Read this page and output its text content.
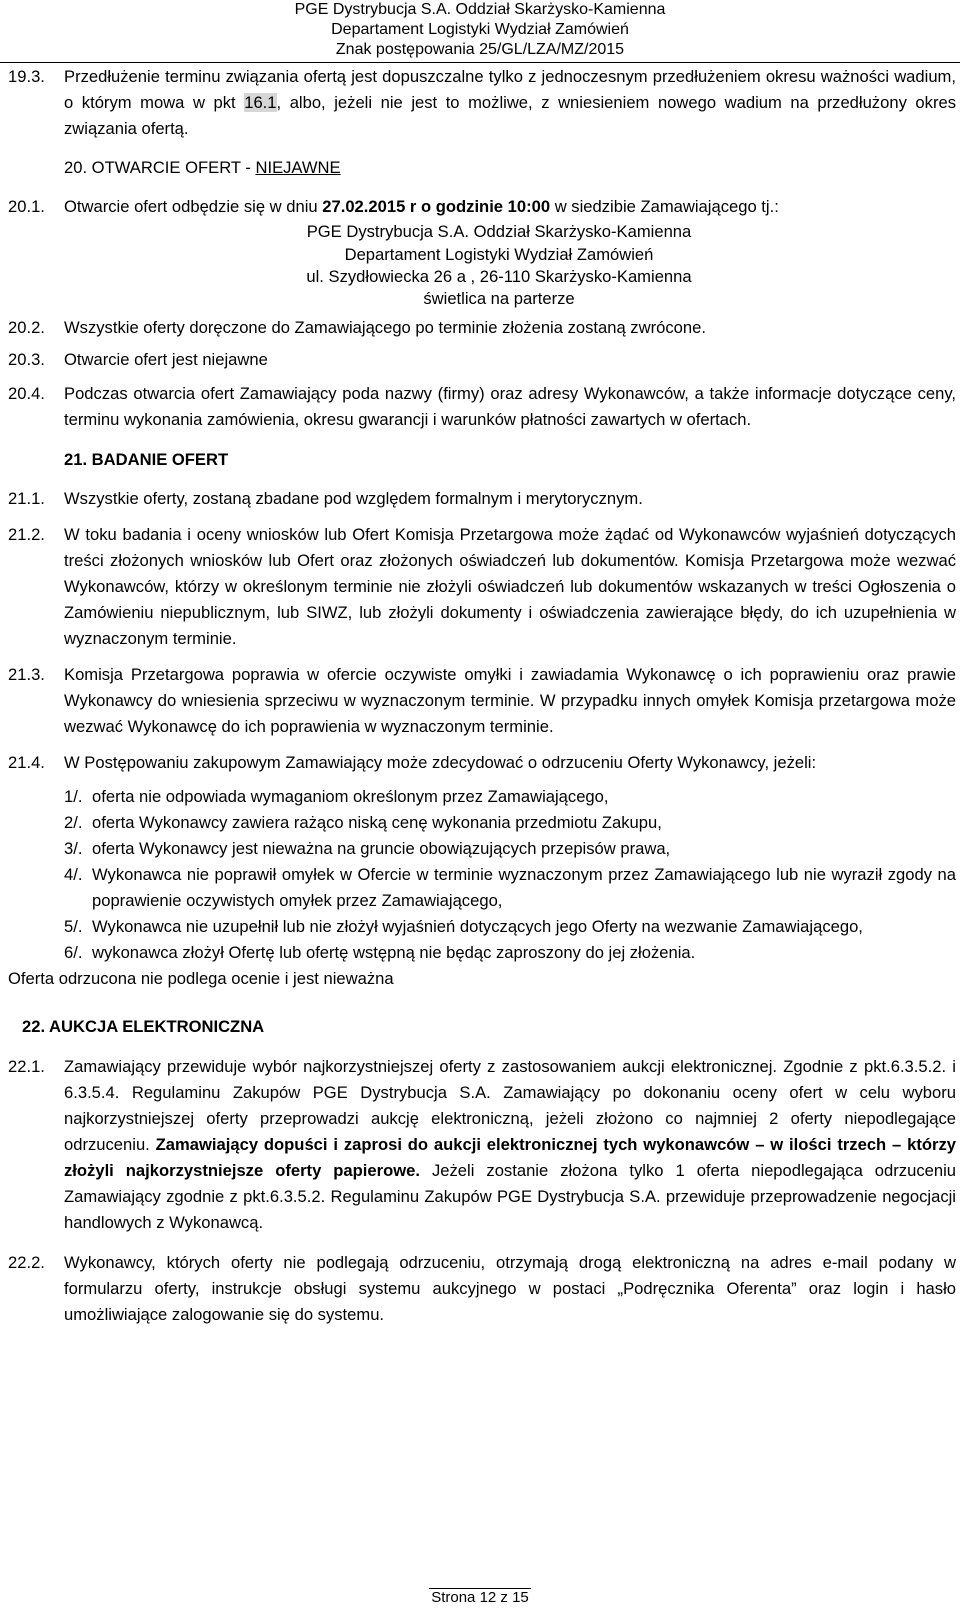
PGE Dystrybucja S.A. Oddział Skarżysko-Kamienna
Departament Logistyki Wydział Zamówień
Znak postępowania 25/GL/LZA/MZ/2015
19.3.	Przedłużenie terminu związania ofertą jest dopuszczalne tylko z jednoczesnym przedłużeniem okresu ważności wadium, o którym mowa w pkt 16.1, albo, jeżeli nie jest to możliwe, z wniesieniem nowego wadium na przedłużony okres związania ofertą.
20. OTWARCIE OFERT - NIEJAWNE
20.1.	Otwarcie ofert odbędzie się w dniu 27.02.2015 r o godzinie 10:00 w siedzibie Zamawiającego tj.:
PGE Dystrybucja S.A. Oddział Skarżysko-Kamienna
Departament Logistyki Wydział Zamówień
ul. Szydłowiecka 26 a , 26-110 Skarżysko-Kamienna
świetlica na parterze
20.2.	Wszystkie oferty doręczone do Zamawiającego po terminie złożenia zostaną zwrócone.
20.3.	Otwarcie ofert jest niejawne
20.4.	Podczas otwarcia ofert Zamawiający poda nazwy (firmy) oraz adresy Wykonawców, a także informacje dotyczące ceny, terminu wykonania zamówienia, okresu gwarancji i warunków płatności zawartych w ofertach.
21. BADANIE OFERT
21.1.	Wszystkie oferty, zostaną zbadane pod względem formalnym i merytorycznym.
21.2.	W toku badania i oceny wniosków lub Ofert Komisja Przetargowa może żądać od Wykonawców wyjaśnień dotyczących treści złożonych wniosków lub Ofert oraz złożonych oświadczeń lub dokumentów. Komisja Przetargowa może wezwać Wykonawców, którzy w określonym terminie nie złożyli oświadczeń lub dokumentów wskazanych w treści Ogłoszenia o Zamówieniu niepublicznym, lub SIWZ, lub złożyli dokumenty i oświadczenia zawierające błędy, do ich uzupełnienia w wyznaczonym terminie.
21.3.	Komisja Przetargowa poprawia w ofercie oczywiste omyłki i zawiadamia Wykonawcę o ich poprawieniu oraz prawie Wykonawcy do wniesienia sprzeciwu w wyznaczonym terminie. W przypadku innych omyłek Komisja przetargowa może wezwać Wykonawcę do ich poprawienia w wyznaczonym terminie.
21.4.	W Postępowaniu zakupowym Zamawiający może zdecydować o odrzuceniu Oferty Wykonawcy, jeżeli:
1/. oferta nie odpowiada wymaganiom określonym przez Zamawiającego,
2/. oferta Wykonawcy zawiera rażąco niską cenę wykonania przedmiotu Zakupu,
3/. oferta Wykonawcy jest nieważna na gruncie obowiązujących przepisów prawa,
4/. Wykonawca nie poprawił omyłek w Ofercie w terminie wyznaczonym przez Zamawiającego lub nie wyraził zgody na poprawienie oczywistych omyłek przez Zamawiającego,
5/. Wykonawca nie uzupełnił lub nie złożył wyjaśnień dotyczących jego Oferty na wezwanie Zamawiającego,
6/. wykonawca złożył Ofertę lub ofertę wstępną nie będąc zaproszony do jej złożenia.
Oferta odrzucona nie podlega ocenie i jest nieważna
22. AUKCJA ELEKTRONICZNA
22.1.	Zamawiający przewiduje wybór najkorzystniejszej oferty z zastosowaniem aukcji elektronicznej. Zgodnie z pkt.6.3.5.2. i 6.3.5.4. Regulaminu Zakupów PGE Dystrybucja S.A. Zamawiający po dokonaniu oceny ofert w celu wyboru najkorzystniejszej oferty przeprowadzi aukcję elektroniczną, jeżeli złożono co najmniej 2 oferty niepodlegające odrzuceniu. Zamawiający dopuści i zaprosi do aukcji elektronicznej tych wykonawców – w ilości trzech – którzy złożyli najkorzystniejsze oferty papierowe. Jeżeli zostanie złożona tylko 1 oferta niepodlegająca odrzuceniu Zamawiający zgodnie z pkt.6.3.5.2. Regulaminu Zakupów PGE Dystrybucja S.A. przewiduje przeprowadzenie negocjacji handlowych z Wykonawcą.
22.2.	Wykonawcy, których oferty nie podlegają odrzuceniu, otrzymają drogą elektroniczną na adres e-mail podany w formularzu oferty, instrukcje obsługi systemu aukcyjnego w postaci „Podręcznika Oferenta” oraz login i hasło umożliwiające zalogowanie się do systemu.
Strona 12 z 15
